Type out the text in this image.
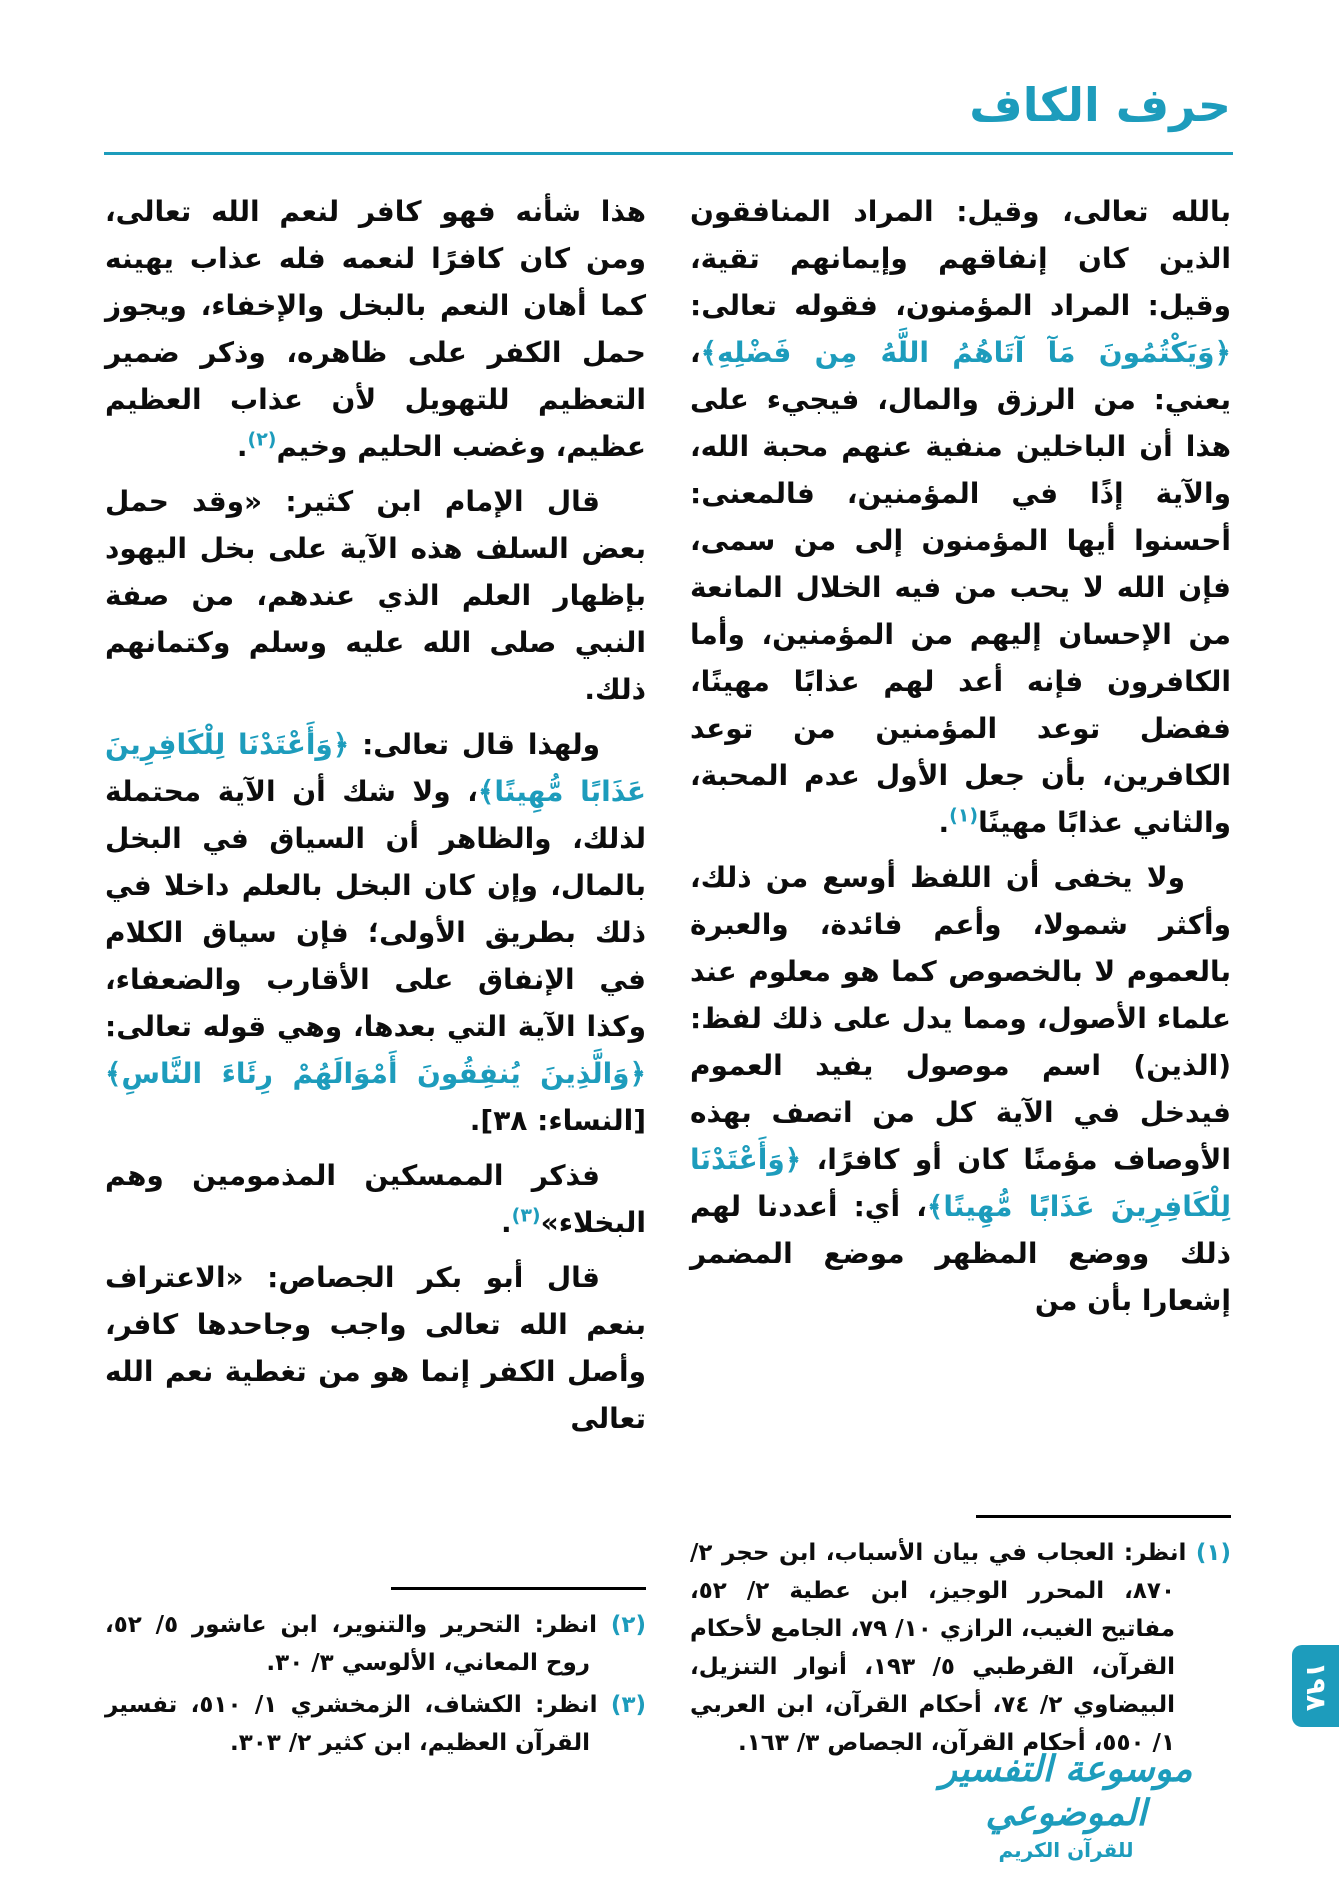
حرف الكاف

بالله تعالى، وقيل: المراد المنافقون الذين كان إنفاقهم وإيمانهم تقية، وقيل: المراد المؤمنون، فقوله تعالى: ﴿وَيَكْتُمُونَ مَآ آتَاهُمُ اللَّهُ مِن فَضْلِهِ﴾، يعني: من الرزق والمال، فيجيء على هذا أن الباخلين منفية عنهم محبة الله، والآية إذًا في المؤمنين، فالمعنى: أحسنوا أيها المؤمنون إلى من سمى، فإن الله لا يحب من فيه الخلال المانعة من الإحسان إليهم من المؤمنين، وأما الكافرون فإنه أعد لهم عذابًا مهينًا، ففضل توعد المؤمنين من توعد الكافرين، بأن جعل الأول عدم المحبة، والثاني عذابًا مهينًا$^{(١)}$.

ولا يخفى أن اللفظ أوسع من ذلك، وأكثر شمولا، وأعم فائدة، والعبرة بالعموم لا بالخصوص كما هو معلوم عند علماء الأصول، ومما يدل على ذلك لفظ: (الذين) اسم موصول يفيد العموم فيدخل في الآية كل من اتصف بهذه الأوصاف مؤمنًا كان أو كافرًا، ﴿وَأَعْتَدْنَا لِلْكَافِرِينَ عَذَابًا مُّهِينًا﴾، أي: أعددنا لهم ذلك ووضع المظهر موضع المضمر إشعارا بأن من

(١) انظر: العجاب في بيان الأسباب، ابن حجر ٢/ ٨٧٠، المحرر الوجيز، ابن عطية ٢/ ٥٢، مفاتيح الغيب، الرازي ١٠/ ٧٩، الجامع لأحكام القرآن، القرطبي ٥/ ١٩٣، أنوار التنزيل، البيضاوي ٢/ ٧٤، أحكام القرآن، ابن العربي ١/ ٥٥٠، أحكام القرآن، الجصاص ٣/ ١٦٣.

هذا شأنه فهو كافر لنعم الله تعالى، ومن كان كافرًا لنعمه فله عذاب يهينه كما أهان النعم بالبخل والإخفاء، ويجوز حمل الكفر على ظاهره، وذكر ضمير التعظيم للتهويل لأن عذاب العظيم عظيم، وغضب الحليم وخيم$^{(٢)}$.

قال الإمام ابن كثير: «وقد حمل بعض السلف هذه الآية على بخل اليهود بإظهار العلم الذي عندهم، من صفة النبي صلى الله عليه وسلم وكتمانهم ذلك.

ولهذا قال تعالى: ﴿وَأَعْتَدْنَا لِلْكَافِرِينَ عَذَابًا مُّهِينًا﴾، ولا شك أن الآية محتملة لذلك، والظاهر أن السياق في البخل بالمال، وإن كان البخل بالعلم داخلا في ذلك بطريق الأولى؛ فإن سياق الكلام في الإنفاق على الأقارب والضعفاء، وكذا الآية التي بعدها، وهي قوله تعالى: ﴿وَالَّذِينَ يُنفِقُونَ أَمْوَالَهُمْ رِئَاءَ النَّاسِ﴾ [النساء: ٣٨].

فذكر الممسكين المذمومين وهم البخلاء»$^{(٣)}$.

قال أبو بكر الجصاص: «الاعتراف بنعم الله تعالى واجب وجاحدها كافر، وأصل الكفر إنما هو من تغطية نعم الله تعالى

(٢) انظر: التحرير والتنوير، ابن عاشور ٥/ ٥٢، روح المعاني، الألوسي ٣/ ٣٠.
(٣) انظر: الكشاف، الزمخشري ١/ ٥١٠، تفسير القرآن العظيم، ابن كثير ٢/ ٣٠٣.
موسوعة التفسير الموضوعي
للقرآن الكريم
١٩٨
